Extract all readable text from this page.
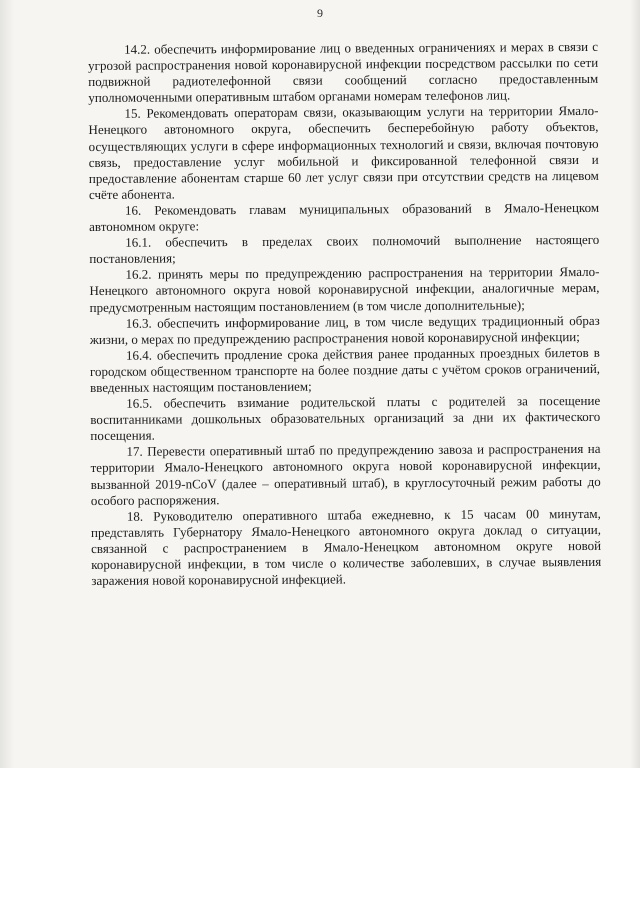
9

14.2. обеспечить информирование лиц о введенных ограничениях и мерах в связи с угрозой распространения новой коронавирусной инфекции посредством рассылки по сети подвижной радиотелефонной связи сообщений согласно предоставленным уполномоченными оперативным штабом органами номерам телефонов лиц.

15. Рекомендовать операторам связи, оказывающим услуги на территории Ямало-Ненецкого автономного округа, обеспечить бесперебойную работу объектов, осуществляющих услуги в сфере информационных технологий и связи, включая почтовую связь, предоставление услуг мобильной и фиксированной телефонной связи и предоставление абонентам старше 60 лет услуг связи при отсутствии средств на лицевом счёте абонента.

16. Рекомендовать главам муниципальных образований в Ямало-Ненецком автономном округе:

16.1. обеспечить в пределах своих полномочий выполнение настоящего постановления;

16.2. принять меры по предупреждению распространения на территории Ямало-Ненецкого автономного округа новой коронавирусной инфекции, аналогичные мерам, предусмотренным настоящим постановлением (в том числе дополнительные);

16.3. обеспечить информирование лиц, в том числе ведущих традиционный образ жизни, о мерах по предупреждению распространения новой коронавирусной инфекции;

16.4. обеспечить продление срока действия ранее проданных проездных билетов в городском общественном транспорте на более поздние даты с учётом сроков ограничений, введенных настоящим постановлением;

16.5. обеспечить взимание родительской платы с родителей за посещение воспитанниками дошкольных образовательных организаций за дни их фактического посещения.

17. Перевести оперативный штаб по предупреждению завоза и распространения на территории Ямало-Ненецкого автономного округа новой коронавирусной инфекции, вызванной 2019-nCoV (далее – оперативный штаб), в круглосуточный режим работы до особого распоряжения.

18. Руководителю оперативного штаба ежедневно, к 15 часам 00 минутам, представлять Губернатору Ямало-Ненецкого автономного округа доклад о ситуации, связанной с распространением в Ямало-Ненецком автономном округе новой коронавирусной инфекции, в том числе о количестве заболевших, в случае выявления заражения новой коронавирусной инфекцией.
